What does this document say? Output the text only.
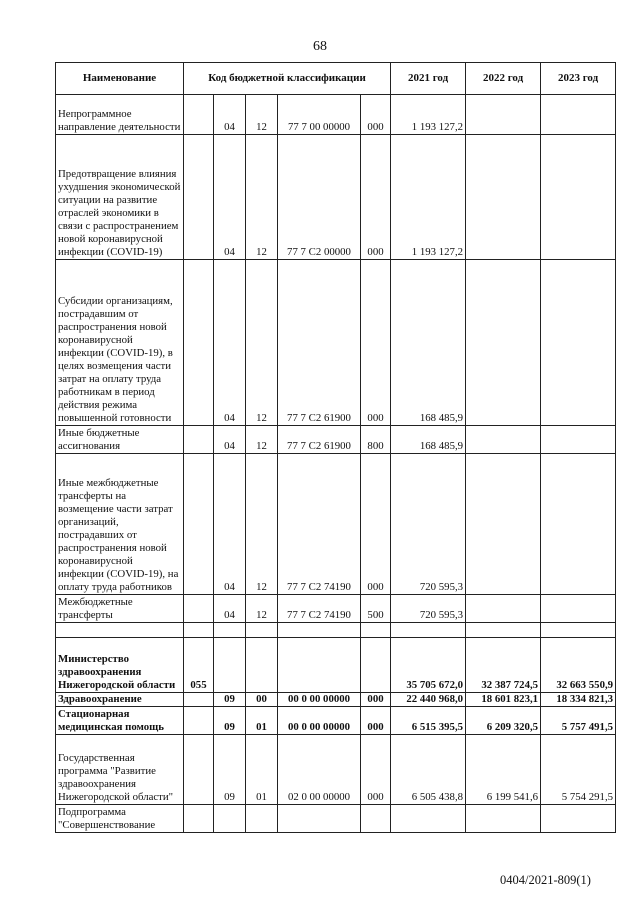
68
Наименование	Код бюджетной классификации					2021 год	2022 год	2023 год
Непрограммное направление деятельности		04	12	77 7 00 00000	000	1 193 127,2		
Предотвращение влияния ухудшения экономической ситуации на развитие отраслей экономики в связи с распространением новой коронавирусной инфекции (COVID-19)		04	12	77 7 С2 00000	000	1 193 127,2		
Субсидии организациям, пострадавшим от распространения новой коронавирусной инфекции (COVID-19), в целях возмещения части затрат на оплату труда работникам в период действия режима повышенной готовности		04	12	77 7 С2 61900	000	168 485,9		
Иные бюджетные ассигнования		04	12	77 7 С2 61900	800	168 485,9		
Иные межбюджетные трансферты на возмещение части затрат организаций, пострадавших от распространения новой коронавирусной инфекции (COVID-19), на оплату труда работников		04	12	77 7 С2 74190	000	720 595,3		
Межбюджетные трансферты		04	12	77 7 С2 74190	500	720 595,3		

Министерство здравоохранения Нижегородской области	055					35 705 672,0	32 387 724,5	32 663 550,9
Здравоохранение		09	00	00 0 00 00000	000	22 440 968,0	18 601 823,1	18 334 821,3
Стационарная медицинская помощь		09	01	00 0 00 00000	000	6 515 395,5	6 209 320,5	5 757 491,5
Государственная программа "Развитие здравоохранения Нижегородской области"		09	01	02 0 00 00000	000	6 505 438,8	6 199 541,6	5 754 291,5
Подпрограмма "Совершенствование								
0404/2021-809(1)
